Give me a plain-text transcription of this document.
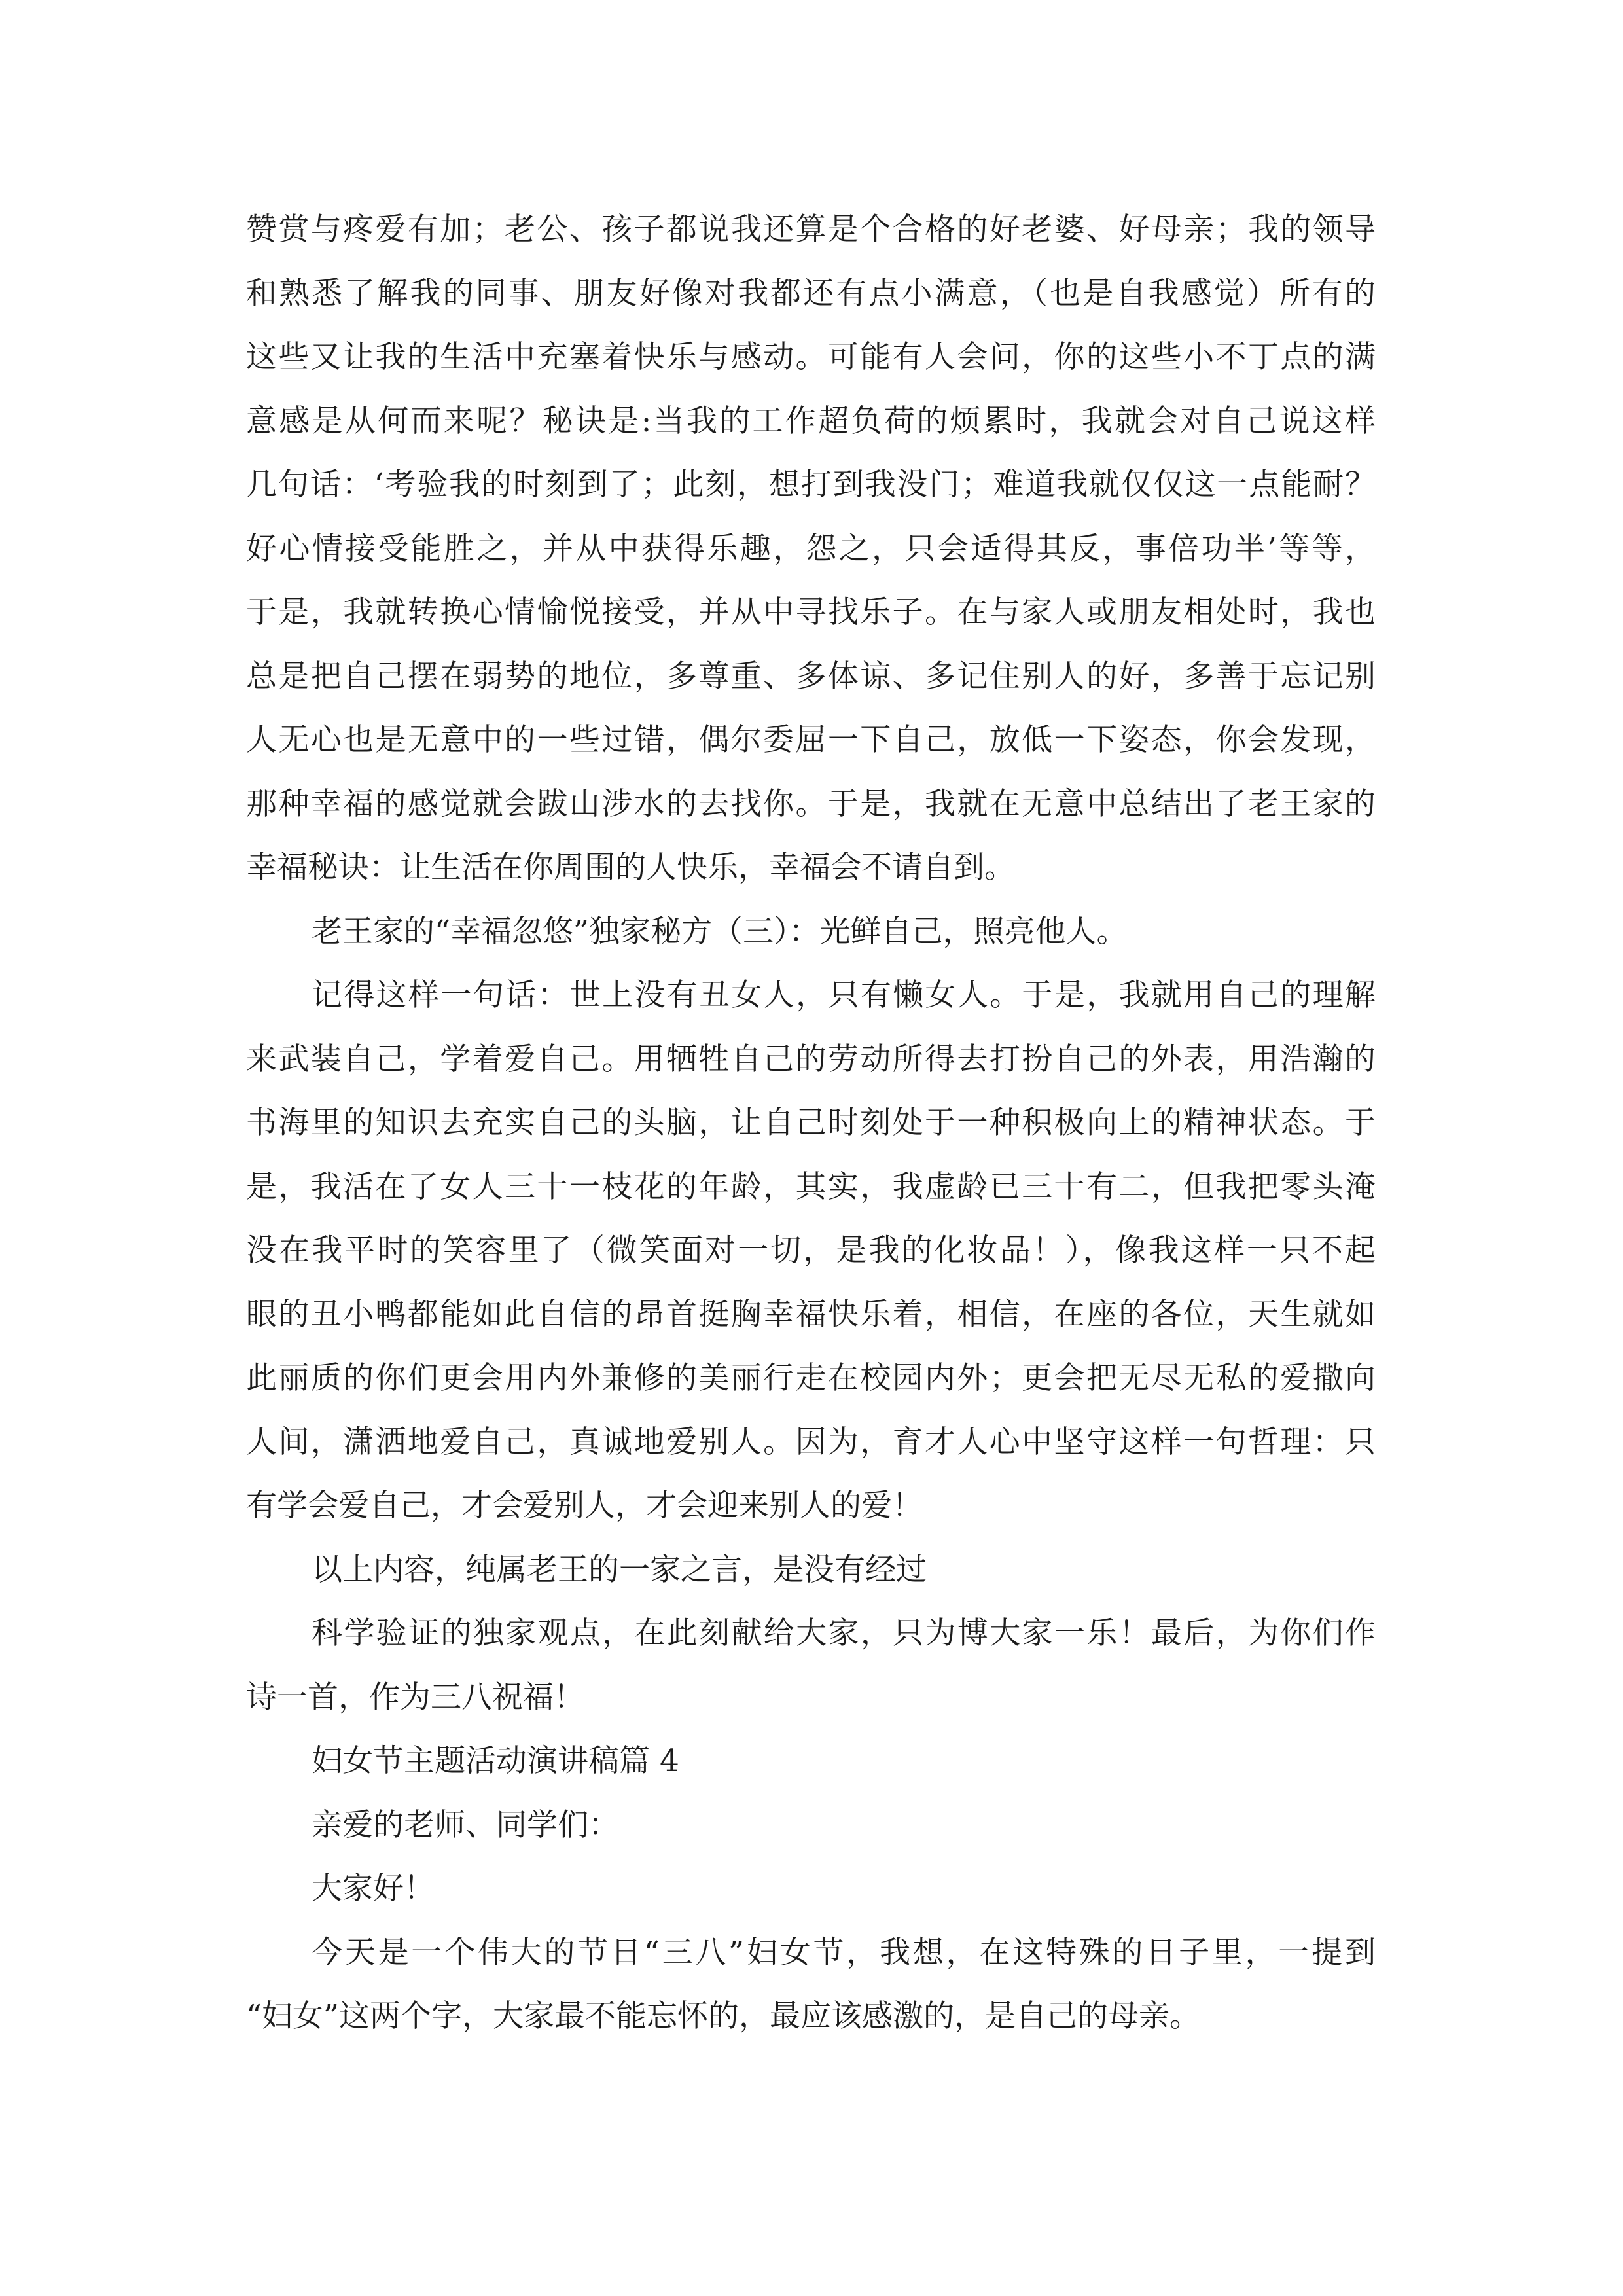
赞赏与疼爱有加；老公、孩子都说我还算是个合格的好老婆、好母亲；我的领导
和熟悉了解我的同事、朋友好像对我都还有点小满意，（也是自我感觉）所有的
这些又让我的生活中充塞着快乐与感动。可能有人会问，你的这些小不丁点的满
意感是从何而来呢？秘诀是:当我的工作超负荷的烦累时，我就会对自己说这样
几句话：‘考验我的时刻到了；此刻，想打到我没门；难道我就仅仅这一点能耐？
好心情接受能胜之，并从中获得乐趣，怨之，只会适得其反，事倍功半’等等，
于是，我就转换心情愉悦接受，并从中寻找乐子。在与家人或朋友相处时，我也
总是把自己摆在弱势的地位，多尊重、多体谅、多记住别人的好，多善于忘记别
人无心也是无意中的一些过错，偶尔委屈一下自己，放低一下姿态，你会发现，
那种幸福的感觉就会跋山涉水的去找你。于是，我就在无意中总结出了老王家的
幸福秘诀：让生活在你周围的人快乐，幸福会不请自到。
老王家的“幸福忽悠”独家秘方（三）：光鲜自己，照亮他人。
记得这样一句话：世上没有丑女人，只有懒女人。于是，我就用自己的理解
来武装自己，学着爱自己。用牺牲自己的劳动所得去打扮自己的外表，用浩瀚的
书海里的知识去充实自己的头脑，让自己时刻处于一种积极向上的精神状态。于
是，我活在了女人三十一枝花的年龄，其实，我虚龄已三十有二，但我把零头淹
没在我平时的笑容里了（微笑面对一切，是我的化妆品！），像我这样一只不起
眼的丑小鸭都能如此自信的昂首挺胸幸福快乐着，相信，在座的各位，天生就如
此丽质的你们更会用内外兼修的美丽行走在校园内外；更会把无尽无私的爱撒向
人间，潇洒地爱自己，真诚地爱别人。因为，育才人心中坚守这样一句哲理：只
有学会爱自己，才会爱别人，才会迎来别人的爱！
以上内容，纯属老王的一家之言，是没有经过
科学验证的独家观点，在此刻献给大家，只为博大家一乐！最后，为你们作
诗一首，作为三八祝福！
妇女节主题活动演讲稿篇 4
亲爱的老师、同学们：
大家好！
今天是一个伟大的节日“三八”妇女节，我想，在这特殊的日子里，一提到
“妇女”这两个字，大家最不能忘怀的，最应该感激的，是自己的母亲。
